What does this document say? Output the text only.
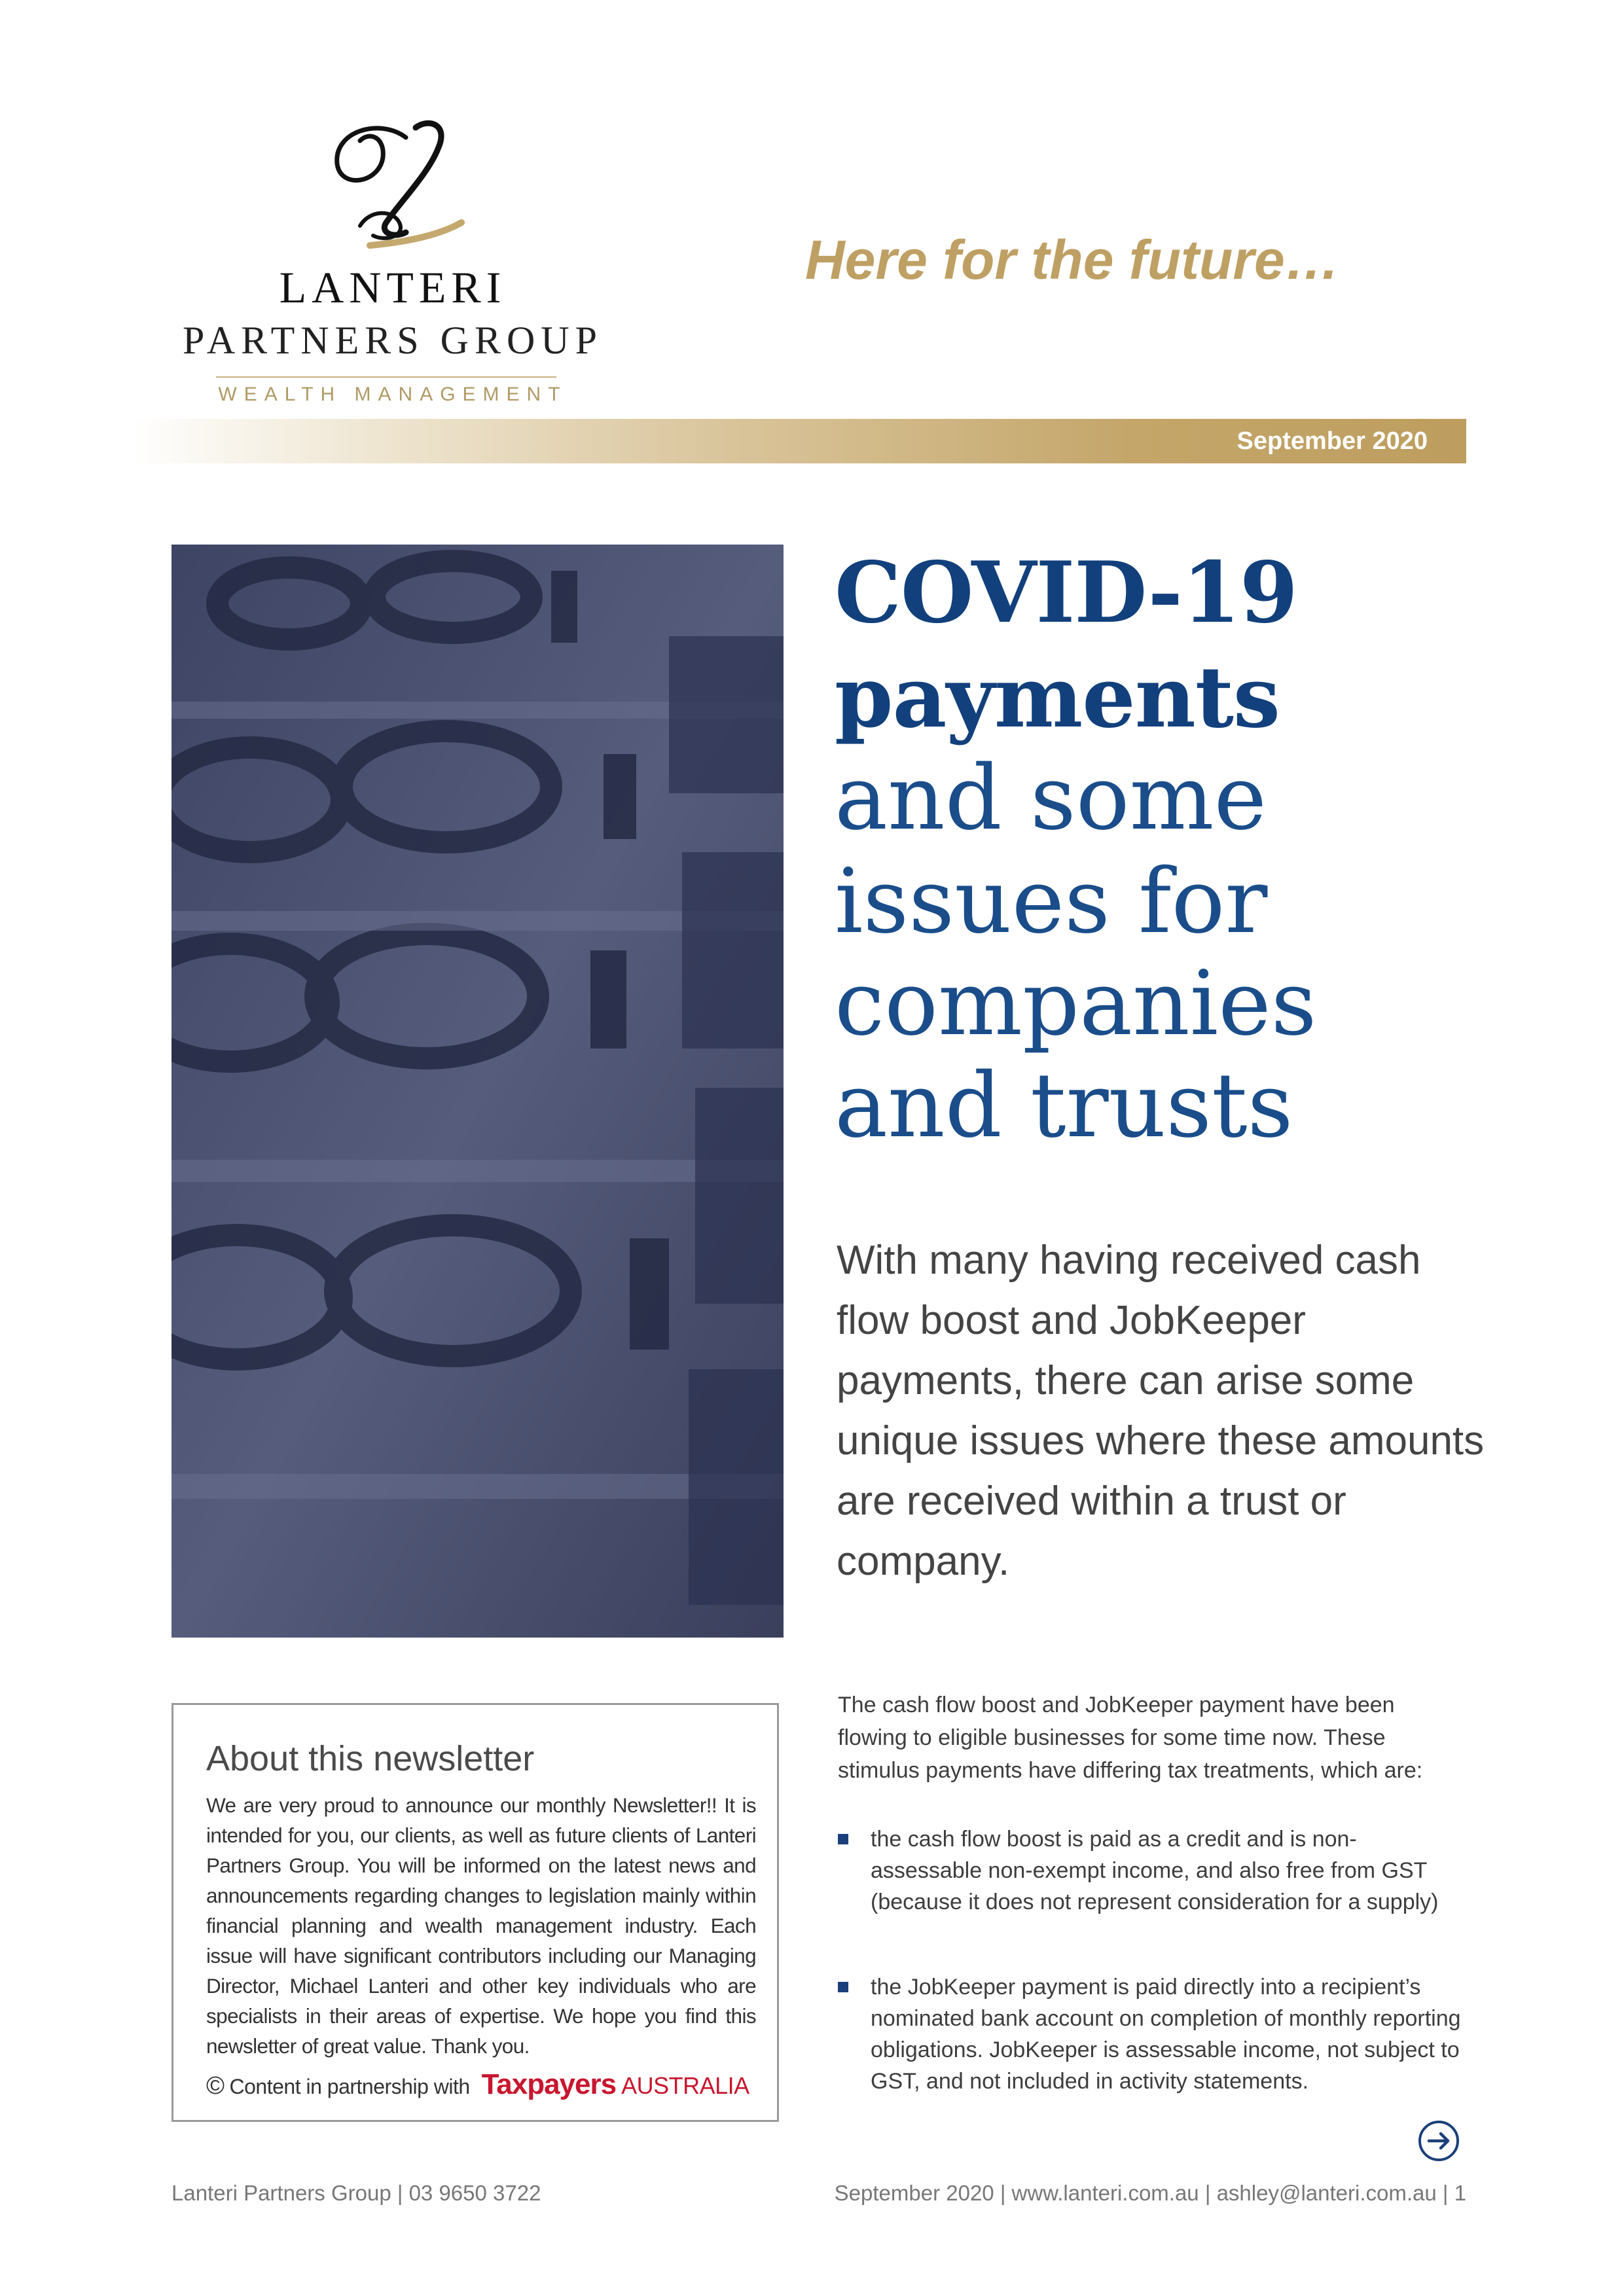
LANTERI
PARTNERS GROUP
WEALTH MANAGEMENT
Here for the future…
September 2020
COVID-19
payments
and some
issues for
companies
and trusts
With many having received cash flow boost and JobKeeper payments, there can arise some unique issues where these amounts are received within a trust or company.
About this newsletter
We are very proud to announce our monthly Newsletter!! It is intended for you, our clients, as well as future clients of Lanteri Partners Group. You will be informed on the latest news and announcements regarding changes to legislation mainly within financial planning and wealth management industry. Each issue will have significant contributors including our Managing Director, Michael Lanteri and other key individuals who are specialists in their areas of expertise. We hope you find this newsletter of great value. Thank you.
© Content in partnership with Taxpayers AUSTRALIA
The cash flow boost and JobKeeper payment have been flowing to eligible businesses for some time now. These stimulus payments have differing tax treatments, which are:
the cash flow boost is paid as a credit and is non-assessable non-exempt income, and also free from GST (because it does not represent consideration for a supply)
the JobKeeper payment is paid directly into a recipient’s nominated bank account on completion of monthly reporting obligations. JobKeeper is assessable income, not subject to GST, and not included in activity statements.
Lanteri Partners Group | 03 9650 3722	September 2020 | www.lanteri.com.au | ashley@lanteri.com.au | 1
